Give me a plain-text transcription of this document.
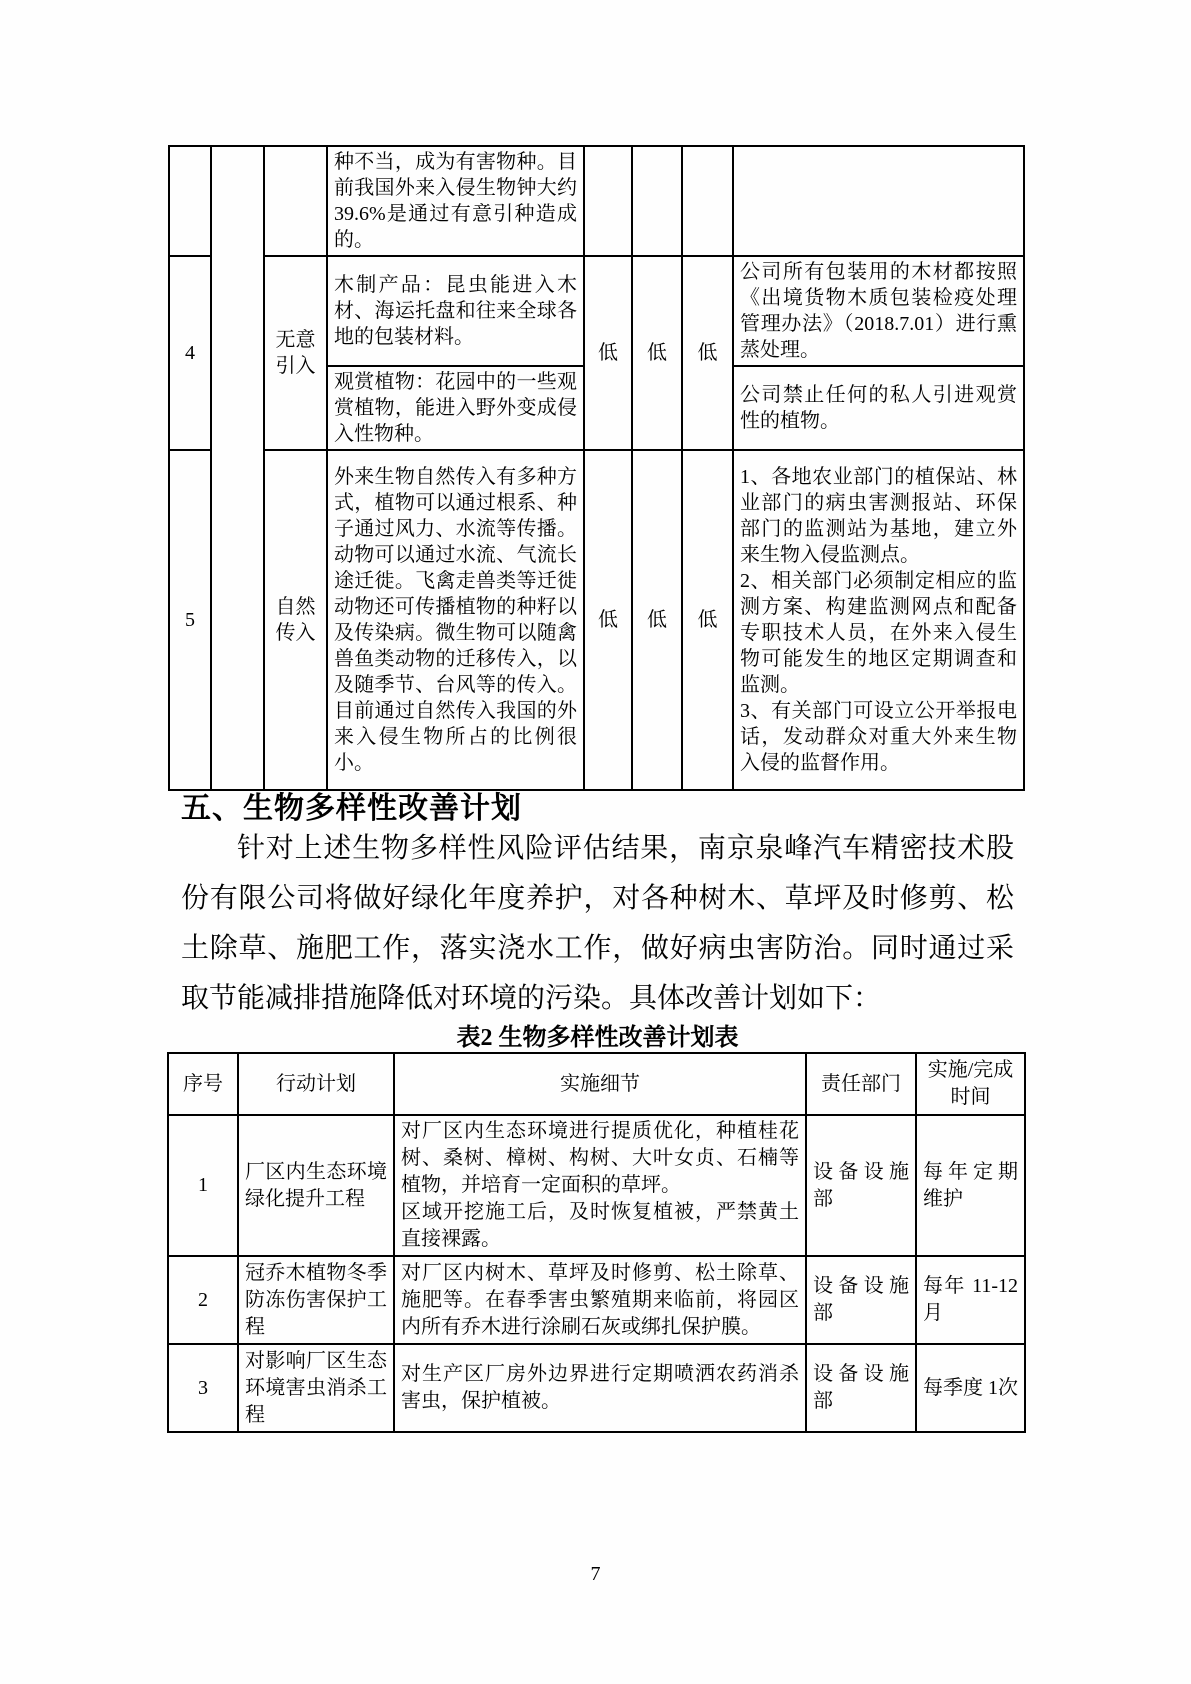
			种不当，成为有害物种。目前我国外来入侵生物钟大约 39.6%是通过有意引种造成的。				

4		无意引入	木制产品：昆虫能进入木材、海运托盘和往来全球各地的包装材料。	低	低	低	公司所有包装用的木材都按照《出境货物木质包装检疫处理管理办法》（2018.7.01）进行熏蒸处理。

			观赏植物：花园中的一些观赏植物，能进入野外变成侵入性物种。				公司禁止任何的私人引进观赏性的植物。

5		自然传入	外来生物自然传入有多种方式，植物可以通过根系、种子通过风力、水流等传播。动物可以通过水流、气流长途迁徙。飞禽走兽类等迁徙动物还可传播植物的种籽以及传染病。微生物可以随禽兽鱼类动物的迁移传入，以及随季节、台风等的传入。目前通过自然传入我国的外来入侵生物所占的比例很小。	低	低	低	1、各地农业部门的植保站、林业部门的病虫害测报站、环保部门的监测站为基地，建立外来生物入侵监测点。
2、相关部门必须制定相应的监测方案、构建监测网点和配备专职技术人员，在外来入侵生物可能发生的地区定期调查和监测。
3、有关部门可设立公开举报电话，发动群众对重大外来生物入侵的监督作用。
五、生物多样性改善计划
针对上述生物多样性风险评估结果，南京泉峰汽车精密技术股份有限公司将做好绿化年度养护，对各种树木、草坪及时修剪、松土除草、施肥工作，落实浇水工作，做好病虫害防治。同时通过采取节能减排措施降低对环境的污染。具体改善计划如下：
表2 生物多样性改善计划表
序号	行动计划	实施细节	责任部门	实施/完成时间
1	厂区内生态环境绿化提升工程	对厂区内生态环境进行提质优化，种植桂花树、桑树、樟树、构树、大叶女贞、石楠等植物，并培育一定面积的草坪。
区域开挖施工后，及时恢复植被，严禁黄土直接裸露。	设备设施部	每年定期维护
2	冠乔木植物冬季防冻伤害保护工程	对厂区内树木、草坪及时修剪、松土除草、施肥等。在春季害虫繁殖期来临前，将园区内所有乔木进行涂刷石灰或绑扎保护膜。	设备设施部	每年 11-12月
3	对影响厂区生态环境害虫消杀工程	对生产区厂房外边界进行定期喷洒农药消杀害虫，保护植被。	设备设施部	每季度 1次
7
